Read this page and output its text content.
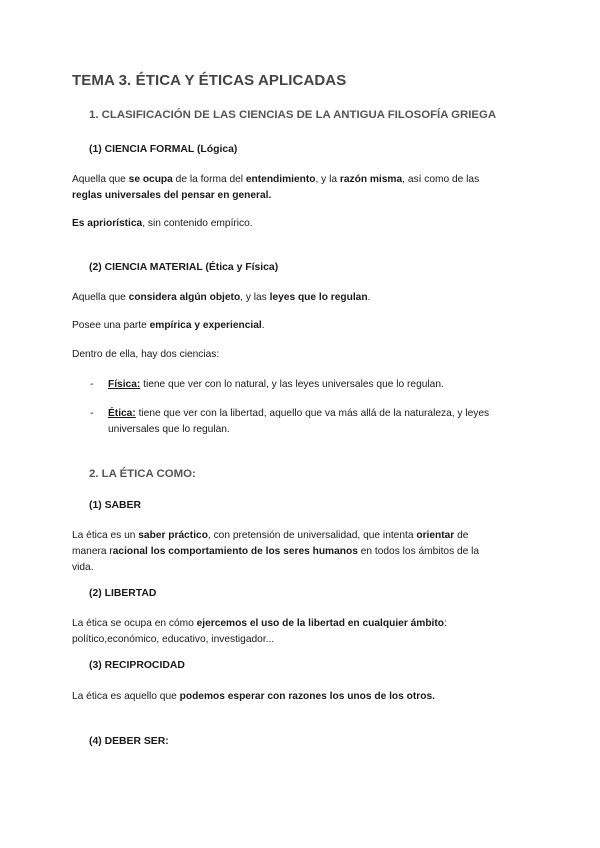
TEMA 3. ÉTICA Y ÉTICAS APLICADAS
1. CLASIFICACIÓN DE LAS CIENCIAS DE LA ANTIGUA FILOSOFÍA GRIEGA
(1) CIENCIA FORMAL (Lógica)

Aquella que se ocupa de la forma del entendimiento, y la razón misma, así como de las
reglas universales del pensar en general.

Es apriorística, sin contenido empírico.

(2) CIENCIA MATERIAL (Ética y Física)

Aquella que considera algún objeto, y las leyes que lo regulan.

Posee una parte empírica y experiencial.

Dentro de ella, hay dos ciencias:

- Física: tiene que ver con lo natural, y las leyes universales que lo regulan.

- Ética: tiene que ver con la libertad, aquello que va más allá de la naturaleza, y leyes
universales que lo regulan.

2. LA ÉTICA COMO:
(1) SABER

La ética es un saber práctico, con pretensión de universalidad, que intenta orientar de
manera racional los comportamiento de los seres humanos en todos los ámbitos de la
vida.

(2) LIBERTAD

La ética se ocupa en cómo ejercemos el uso de la libertad en cualquier ámbito:
político,económico, educativo, investigador...

(3) RECIPROCIDAD

La ética es aquello que podemos esperar con razones los unos de los otros.

(4) DEBER SER:
